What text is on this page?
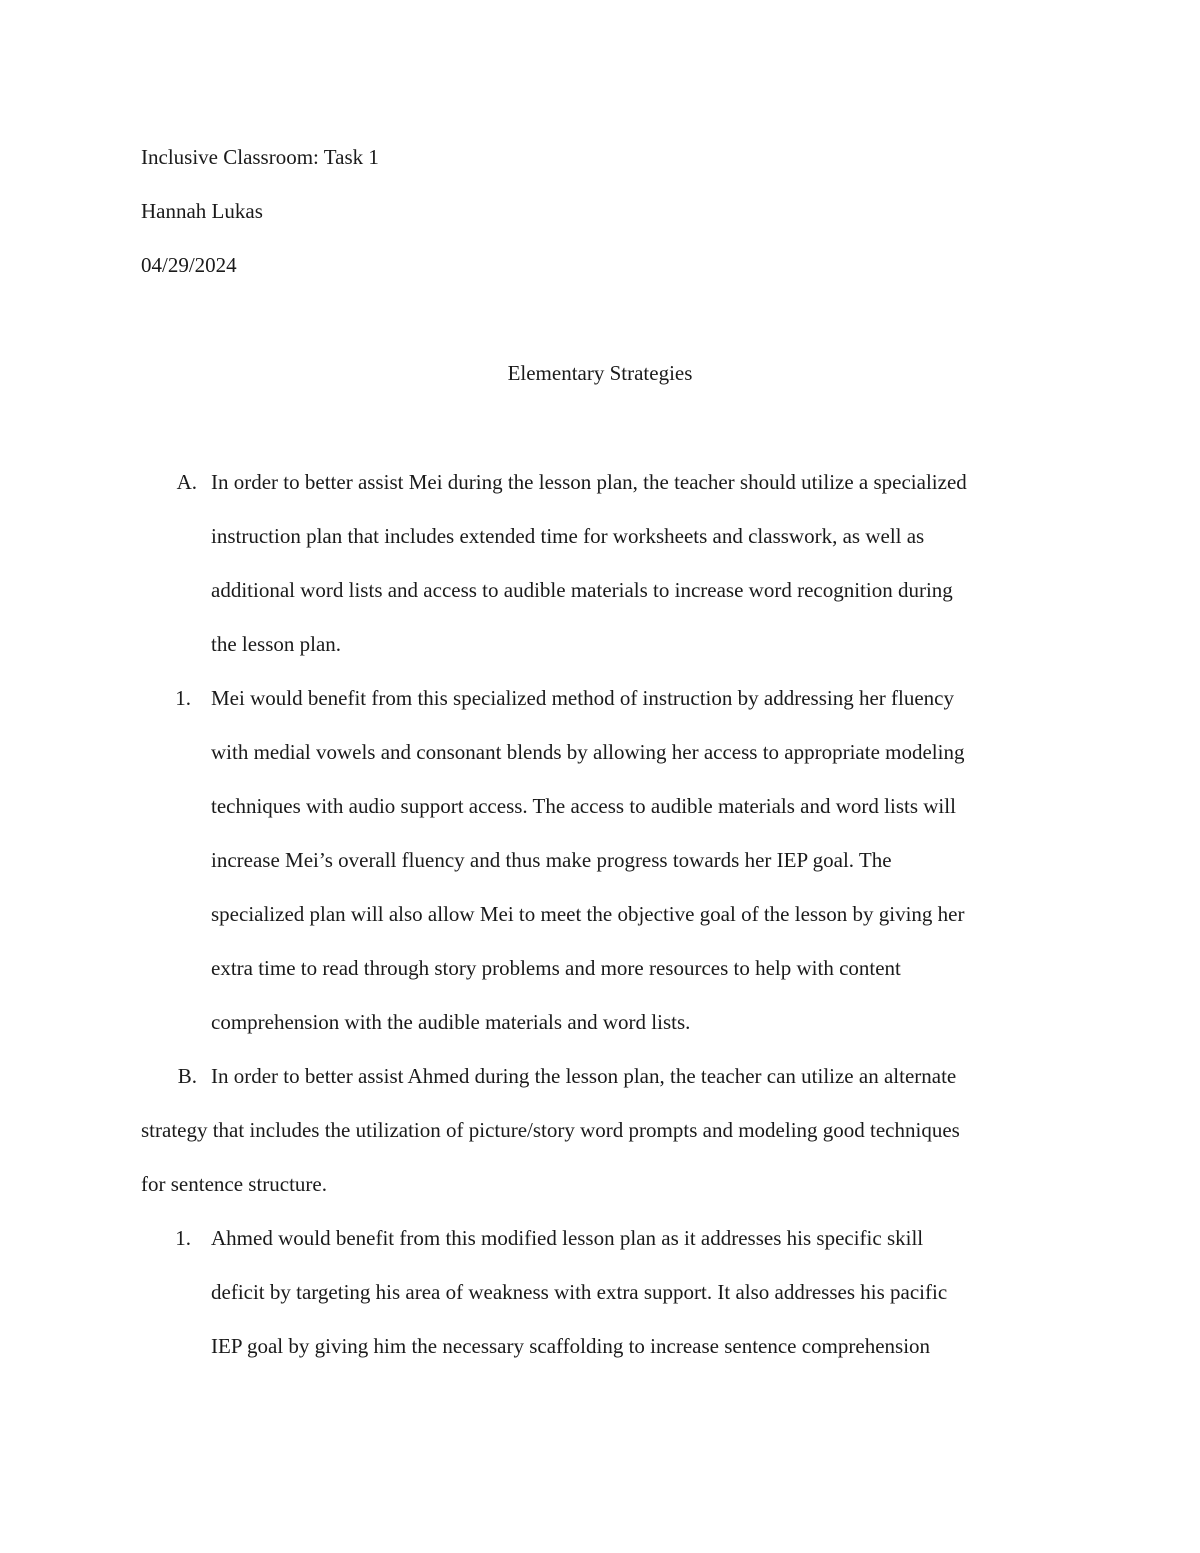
Inclusive Classroom: Task 1
Hannah Lukas
04/29/2024
Elementary Strategies
A. In order to better assist Mei during the lesson plan, the teacher should utilize a specialized
instruction plan that includes extended time for worksheets and classwork, as well as
additional word lists and access to audible materials to increase word recognition during
the lesson plan.
1. Mei would benefit from this specialized method of instruction by addressing her fluency
with medial vowels and consonant blends by allowing her access to appropriate modeling
techniques with audio support access. The access to audible materials and word lists will
increase Mei’s overall fluency and thus make progress towards her IEP goal. The
specialized plan will also allow Mei to meet the objective goal of the lesson by giving her
extra time to read through story problems and more resources to help with content
comprehension with the audible materials and word lists.
B. In order to better assist Ahmed during the lesson plan, the teacher can utilize an alternate
strategy that includes the utilization of picture/story word prompts and modeling good techniques
for sentence structure.
1. Ahmed would benefit from this modified lesson plan as it addresses his specific skill
deficit by targeting his area of weakness with extra support. It also addresses his pacific
IEP goal by giving him the necessary scaffolding to increase sentence comprehension
